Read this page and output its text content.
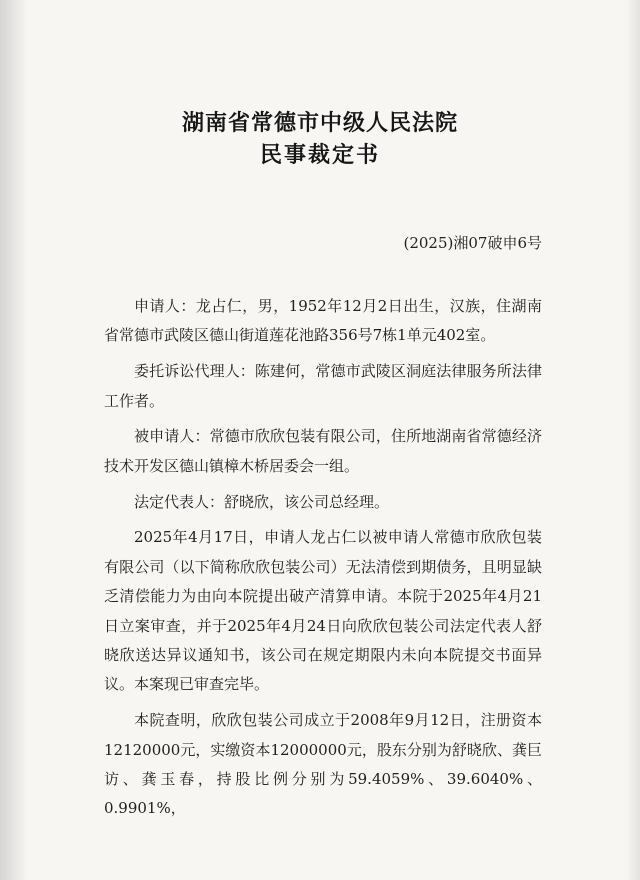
湖南省常德市中级人民法院
民事裁定书
(2025)湘07破申6号

申请人：龙占仁，男，1952年12月2日出生，汉族，住湖南省常德市武陵区德山街道莲花池路356号7栋1单元402室。

委托诉讼代理人：陈建何，常德市武陵区洞庭法律服务所法律工作者。

被申请人：常德市欣欣包装有限公司，住所地湖南省常德经济技术开发区德山镇樟木桥居委会一组。

法定代表人：舒晓欣，该公司总经理。

2025年4月17日，申请人龙占仁以被申请人常德市欣欣包装有限公司（以下简称欣欣包装公司）无法清偿到期债务，且明显缺乏清偿能力为由向本院提出破产清算申请。本院于2025年4月21日立案审查，并于2025年4月24日向欣欣包装公司法定代表人舒晓欣送达异议通知书，该公司在规定期限内未向本院提交书面异议。本案现已审查完毕。

本院查明，欣欣包装公司成立于2008年9月12日，注册资本12120000元，实缴资本12000000元，股东分别为舒晓欣、龚巨访、龚玉春，持股比例分别为59.4059%、39.6040%、0.9901%，
